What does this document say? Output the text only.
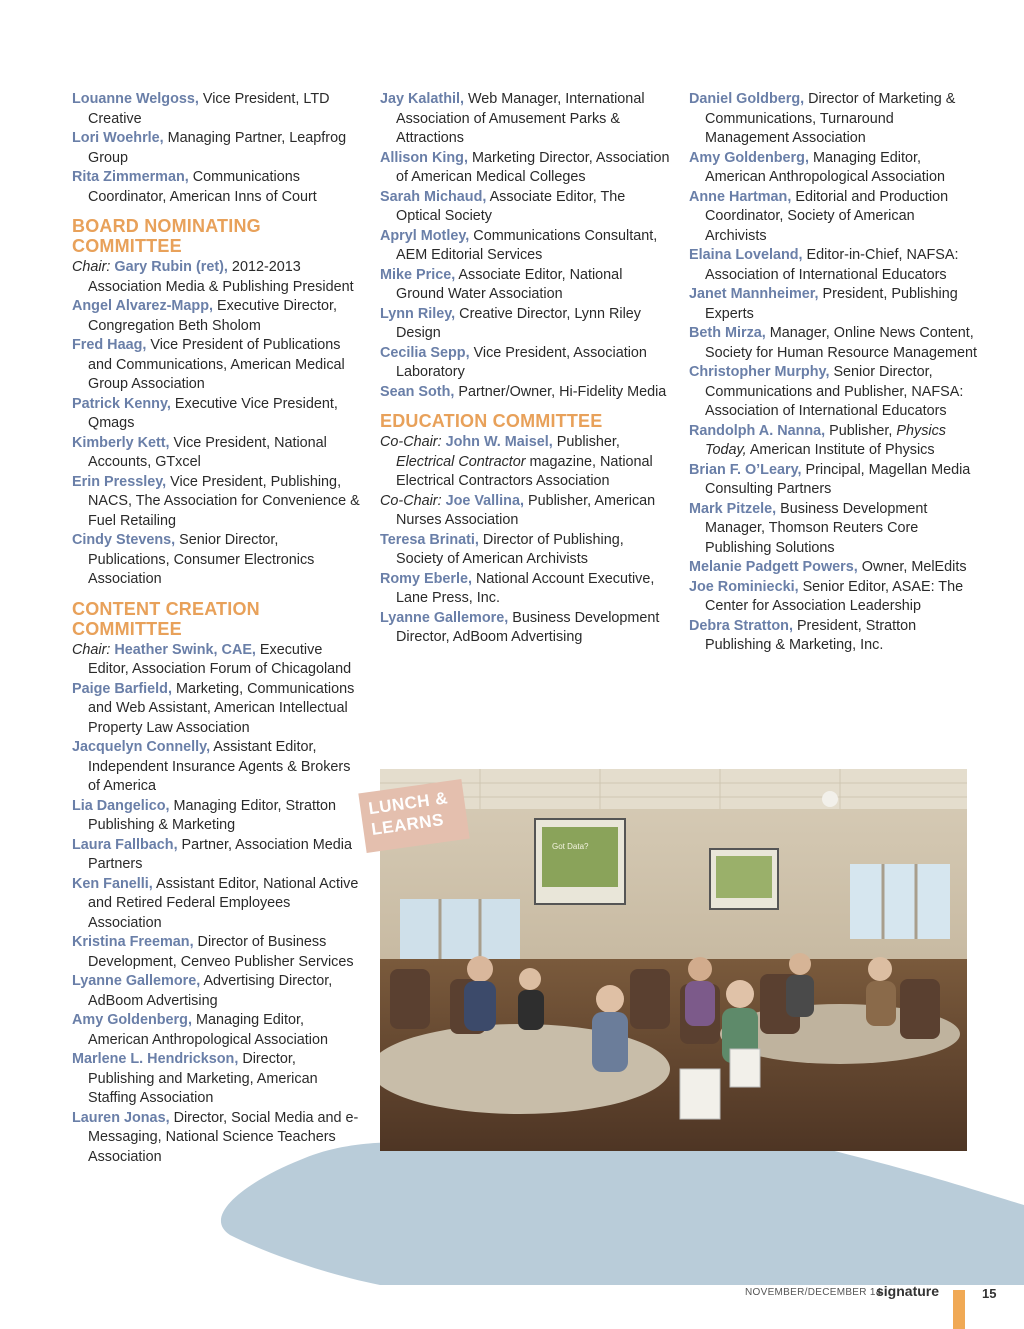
Louanne Welgoss, Vice President, LTD Creative

Lori Woehrle, Managing Partner, Leapfrog Group

Rita Zimmerman, Communications Coordinator, American Inns of Court

BOARD NOMINATING COMMITTEE

Chair: Gary Rubin (ret), 2012-2013 Association Media & Publishing President

Angel Alvarez-Mapp, Executive Director, Congregation Beth Sholom

Fred Haag, Vice President of Publications and Communications, American Medical Group Association

Patrick Kenny, Executive Vice President, Qmags

Kimberly Kett, Vice President, National Accounts, GTxcel

Erin Pressley, Vice President, Publishing, NACS, The Association for Convenience & Fuel Retailing

Cindy Stevens, Senior Director, Publications, Consumer Electronics Association

CONTENT CREATION COMMITTEE

Chair: Heather Swink, CAE, Executive Editor, Association Forum of Chicagoland

Paige Barfield, Marketing, Communications and Web Assistant, American Intellectual Property Law Association

Jacquelyn Connelly, Assistant Editor, Independent Insurance Agents & Brokers of America

Lia Dangelico, Managing Editor, Stratton Publishing & Marketing

Laura Fallbach, Partner, Association Media Partners

Ken Fanelli, Assistant Editor, National Active and Retired Federal Employees Association

Kristina Freeman, Director of Business Development, Cenveo Publisher Services

Lyanne Gallemore, Advertising Director, AdBoom Advertising

Amy Goldenberg, Managing Editor, American Anthropological Association

Marlene L. Hendrickson, Director, Publishing and Marketing, American Staffing Association

Lauren Jonas, Director, Social Media and e-Messaging, National Science Teachers Association

Jay Kalathil, Web Manager, International Association of Amusement Parks & Attractions

Allison King, Marketing Director, Association of American Medical Colleges

Sarah Michaud, Associate Editor, The Optical Society

Apryl Motley, Communications Consultant, AEM Editorial Services

Mike Price, Associate Editor, National Ground Water Association

Lynn Riley, Creative Director, Lynn Riley Design

Cecilia Sepp, Vice President, Association Laboratory

Sean Soth, Partner/Owner, Hi-Fidelity Media

EDUCATION COMMITTEE

Co-Chair: John W. Maisel, Publisher, Electrical Contractor magazine, National Electrical Contractors Association

Co-Chair: Joe Vallina, Publisher, American Nurses Association

Teresa Brinati, Director of Publishing, Society of American Archivists

Romy Eberle, National Account Executive, Lane Press, Inc.

Lyanne Gallemore, Business Development Director, AdBoom Advertising

Daniel Goldberg, Director of Marketing & Communications, Turnaround Management Association

Amy Goldenberg, Managing Editor, American Anthropological Association

Anne Hartman, Editorial and Production Coordinator, Society of American Archivists

Elaina Loveland, Editor-in-Chief, NAFSA: Association of International Educators

Janet Mannheimer, President, Publishing Experts

Beth Mirza, Manager, Online News Content, Society for Human Resource Management

Christopher Murphy, Senior Director, Communications and Publisher, NAFSA: Association of International Educators

Randolph A. Nanna, Publisher, Physics Today, American Institute of Physics

Brian F. O’Leary, Principal, Magellan Media Consulting Partners

Mark Pitzele, Business Development Manager, Thomson Reuters Core Publishing Solutions

Melanie Padgett Powers, Owner, MelEdits

Joe Rominiecki, Senior Editor, ASAE: The Center for Association Leadership

Debra Stratton, President, Stratton Publishing & Marketing, Inc.

Got Data?
LUNCH & LEARNS
NOVEMBER/DECEMBER 14
signature	15
